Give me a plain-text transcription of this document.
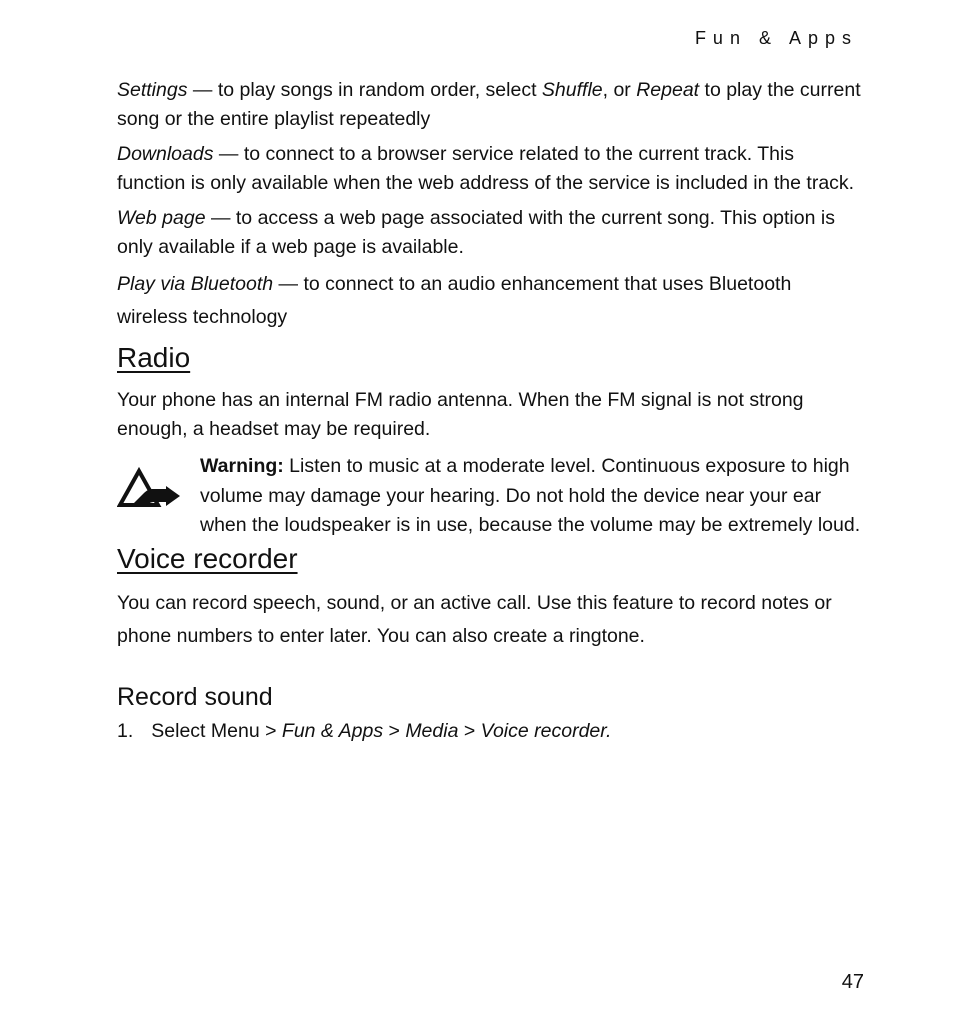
Fun & Apps

Settings — to play songs in random order, select Shuffle, or Repeat to play the current song or the entire playlist repeatedly

Downloads — to connect to a browser service related to the current track. This function is only available when the web address of the service is included in the track.

Web page — to access a web page associated with the current song. This option is only available if a web page is available.

Play via Bluetooth — to connect to an audio enhancement that uses Bluetooth wireless technology

Radio

Your phone has an internal FM radio antenna. When the FM signal is not strong enough, a headset may be required.

Warning: Listen to music at a moderate level. Continuous exposure to high volume may damage your hearing. Do not hold the device near your ear when the loudspeaker is in use, because the volume may be extremely loud.
Voice recorder

You can record speech, sound, or an active call. Use this feature to record notes or phone numbers to enter later. You can also create a ringtone.

Record sound
1. Select Menu > Fun & Apps > Media > Voice recorder.
47
